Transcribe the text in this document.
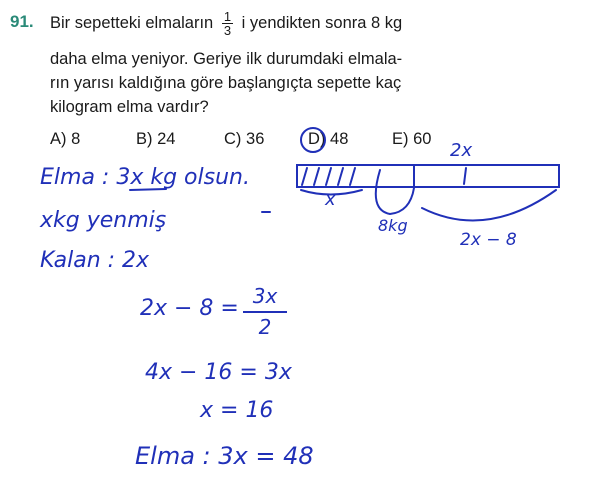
91. Bir sepetteki elmaların $\frac{1}{3}$ i yendikten sonra 8 kg
daha elma yeniyor. Geriye ilk durumdaki elmala-
rın yarısı kaldığına göre başlangıçta sepette kaç
kilogram elma vardır?
A) 8	B) 24	C) 36	D) 48	E) 60
2x
x
8kg
2x − 8
Elma : 3x kg olsun.
xkg yenmiş
Kalan : 2x
2x − 8 = 3x
2
4x − 16 = 3x
x = 16
Elma : 3x = 48
